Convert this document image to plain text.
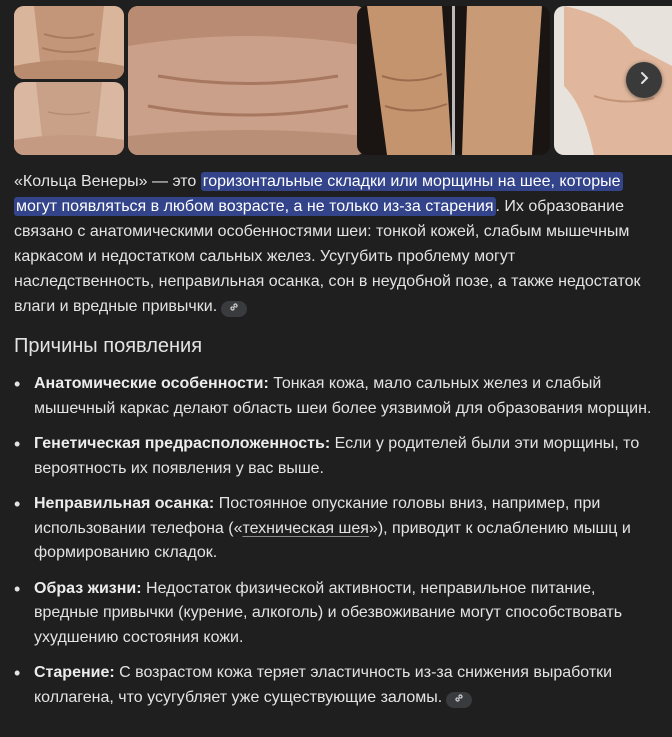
«Кольца Венеры» — это горизонтальные складки или морщины на шее, которые могут появляться в любом возрасте, а не только из-за старения . Их образование связано с анатомическими особенностями шеи: тонкой кожей, слабым мышечным каркасом и недостатком сальных желез. Усугубить проблему могут наследственность, неправильная осанка, сон в неудобной позе, а также недостаток влаги и вредные привычки.
Причины появления
• Анатомические особенности: Тонкая кожа, мало сальных желез и слабый мышечный каркас делают область шеи более уязвимой для образования морщин.
• Генетическая предрасположенность: Если у родителей были эти морщины, то вероятность их появления у вас выше.
• Неправильная осанка: Постоянное опускание головы вниз, например, при использовании телефона («техническая шея»), приводит к ослаблению мышц и формированию складок.
• Образ жизни: Недостаток физической активности, неправильное питание, вредные привычки (курение, алкоголь) и обезвоживание могут способствовать ухудшению состояния кожи.
• Старение: С возрастом кожа теряет эластичность из-за снижения выработки коллагена, что усугубляет уже существующие заломы.
